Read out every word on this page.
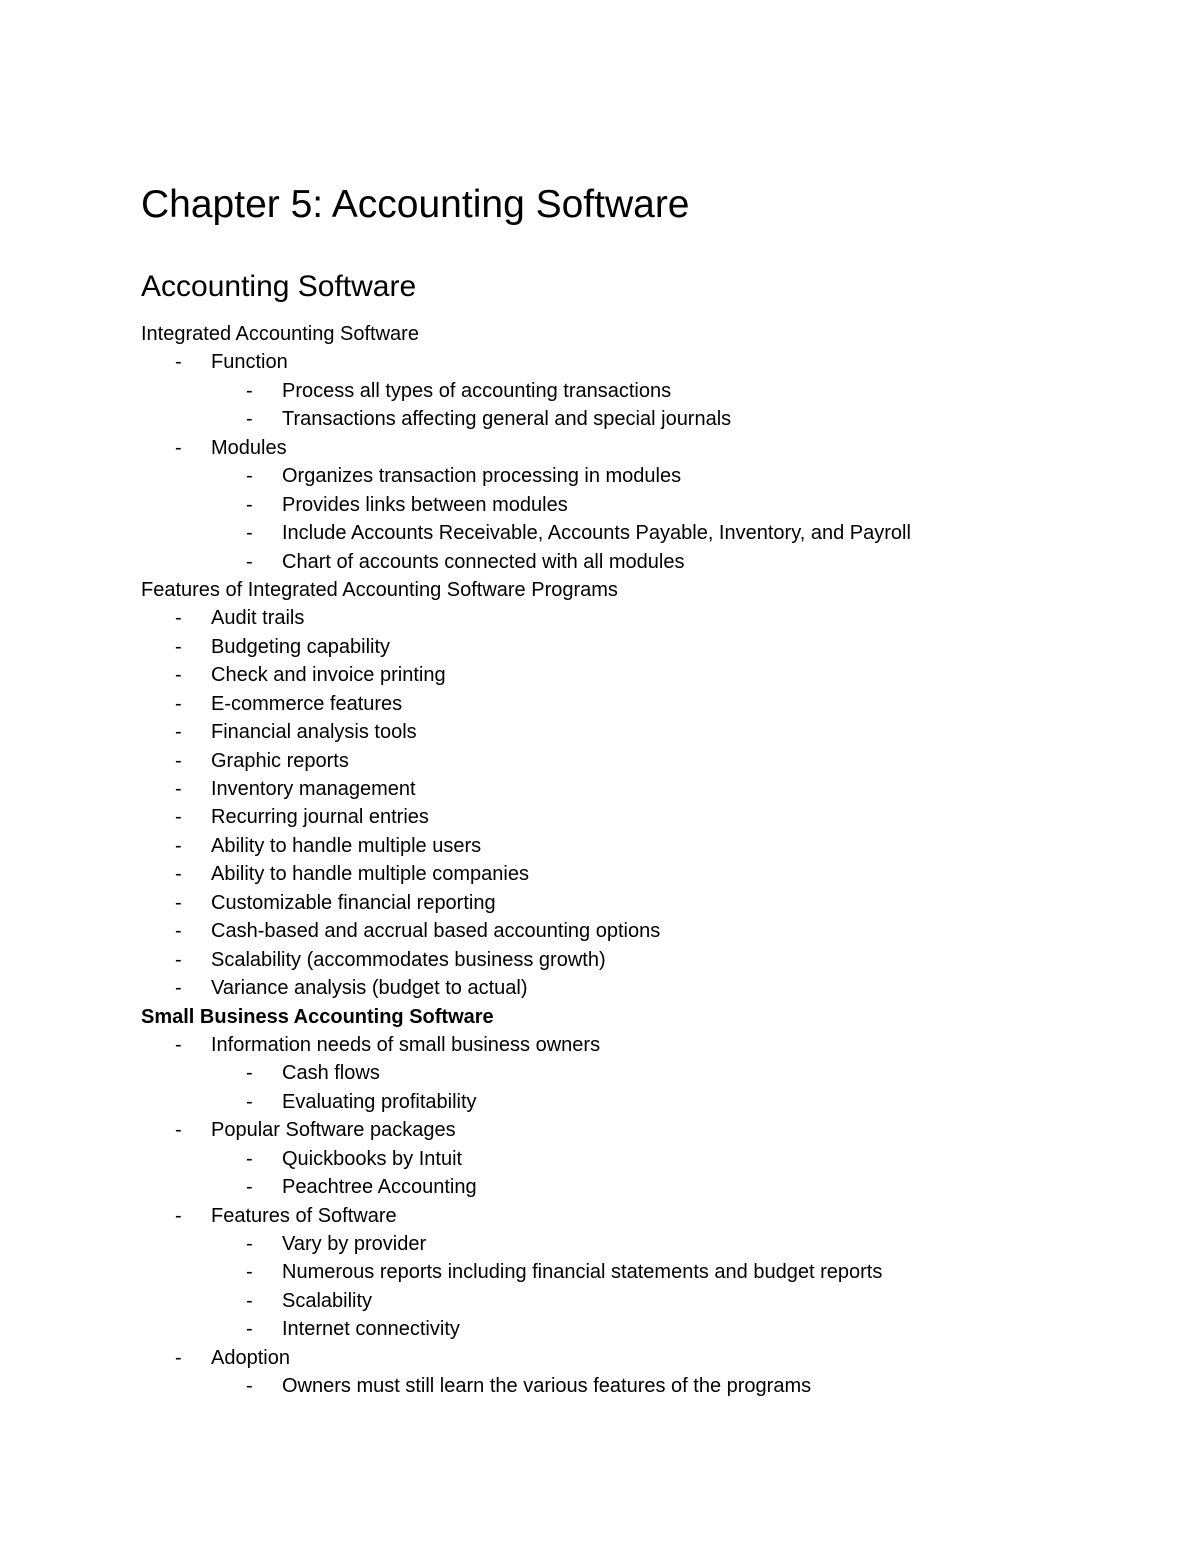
Chapter 5: Accounting Software
Accounting Software
Integrated Accounting Software
- Function
- Process all types of accounting transactions
- Transactions affecting general and special journals
- Modules
- Organizes transaction processing in modules
- Provides links between modules
- Include Accounts Receivable, Accounts Payable, Inventory, and Payroll
- Chart of accounts connected with all modules
Features of Integrated Accounting Software Programs
- Audit trails
- Budgeting capability
- Check and invoice printing
- E-commerce features
- Financial analysis tools
- Graphic reports
- Inventory management
- Recurring journal entries
- Ability to handle multiple users
- Ability to handle multiple companies
- Customizable financial reporting
- Cash-based and accrual based accounting options
- Scalability (accommodates business growth)
- Variance analysis (budget to actual)
Small Business Accounting Software
- Information needs of small business owners
- Cash flows
- Evaluating profitability
- Popular Software packages
- Quickbooks by Intuit
- Peachtree Accounting
- Features of Software
- Vary by provider
- Numerous reports including financial statements and budget reports
- Scalability
- Internet connectivity
- Adoption
- Owners must still learn the various features of the programs
